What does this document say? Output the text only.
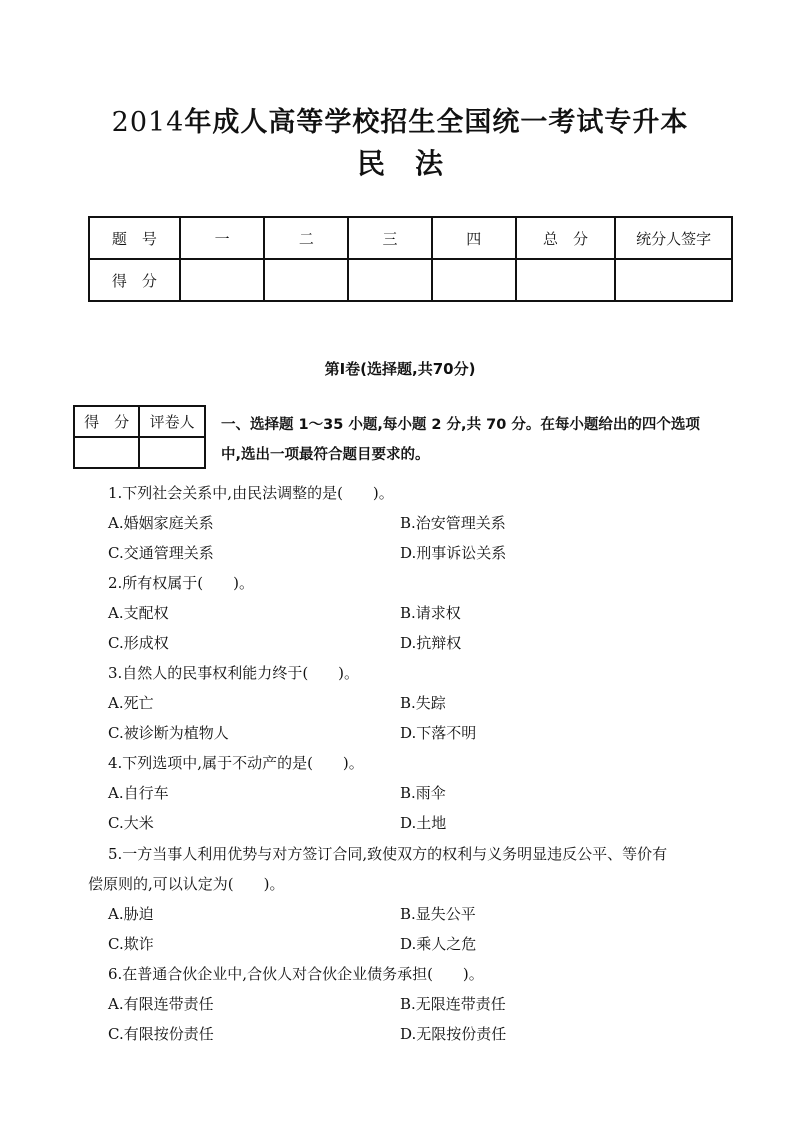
2014年成人高等学校招生全国统一考试专升本
民法
题　号	一	二	三	四	总　分	统分人签字
得　分						
第Ⅰ卷(选择题,共70分)
得　分	评卷人
	一、选择题 1～35 小题,每小题 2 分,共 70 分。在每小题给出的四个选项
中,选出一项最符合题目要求的。
1.下列社会关系中,由民法调整的是(　　)。
A.婚姻家庭关系	B.治安管理关系
C.交通管理关系	D.刑事诉讼关系
2.所有权属于(　　)。
A.支配权	B.请求权
C.形成权	D.抗辩权
3.自然人的民事权利能力终于(　　)。
A.死亡	B.失踪
C.被诊断为植物人	D.下落不明
4.下列选项中,属于不动产的是(　　)。
A.自行车	B.雨伞
C.大米	D.土地
5.一方当事人利用优势与对方签订合同,致使双方的权利与义务明显违反公平、等价有
偿原则的,可以认定为(　　)。
A.胁迫	B.显失公平
C.欺诈	D.乘人之危
6.在普通合伙企业中,合伙人对合伙企业债务承担(　　)。
A.有限连带责任	B.无限连带责任
C.有限按份责任	D.无限按份责任
